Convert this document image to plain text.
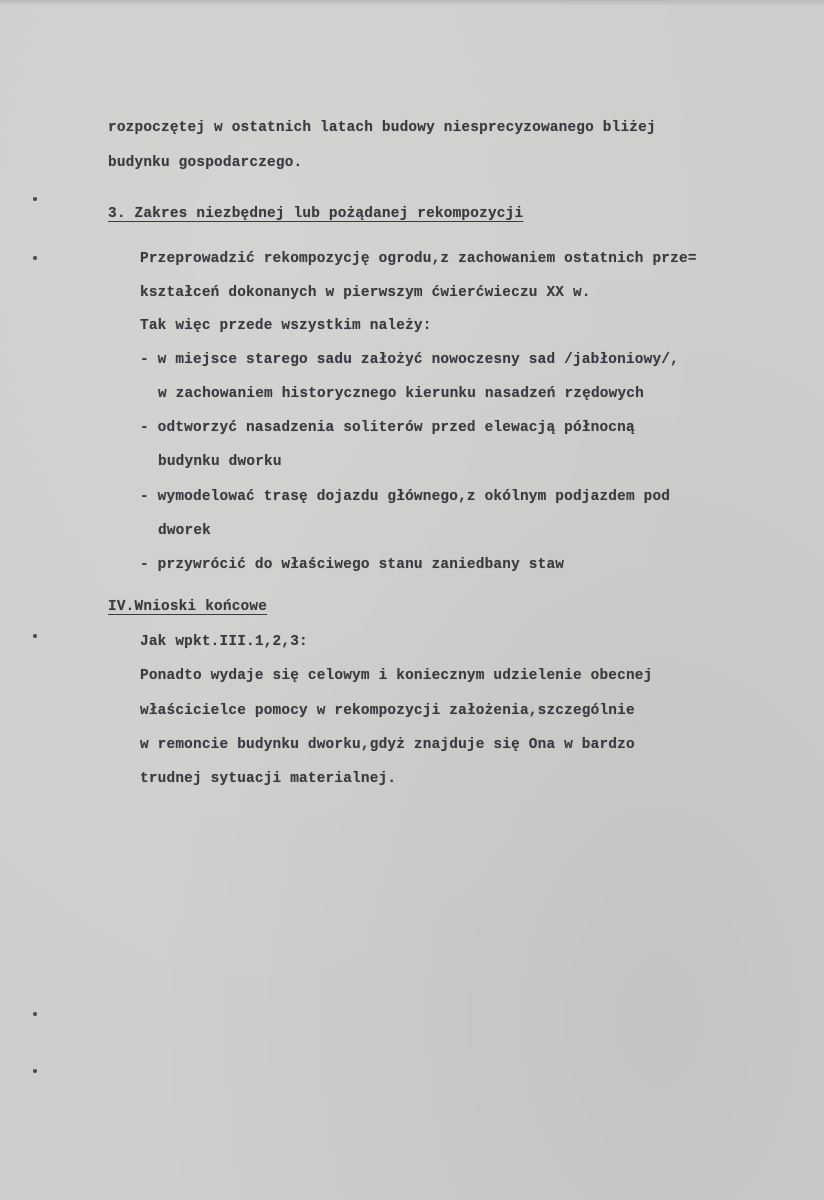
rozpoczętej w ostatnich latach budowy niesprecyzowanego bliżej
budynku gospodarczego.
3. Zakres niezbędnej lub pożądanej rekompozycji
Przeprowadzić rekompozycję ogrodu,z zachowaniem ostatnich prze=
kształceń dokonanych w pierwszym ćwierćwieczu XX w.
Tak więc przede wszystkim należy:
- w miejsce starego sadu założyć nowoczesny sad /jabłoniowy/,
w zachowaniem historycznego kierunku nasadzeń rzędowych
- odtworzyć nasadzenia soliterów przed elewacją północną
budynku dworku
- wymodelować trasę dojazdu głównego,z okólnym podjazdem pod
dworek
- przywrócić do właściwego stanu zaniedbany staw
IV.Wnioski końcowe
Jak wpkt.III.1,2,3:
Ponadto wydaje się celowym i koniecznym udzielenie obecnej
właścicielce pomocy w rekompozycji założenia,szczególnie
w remoncie budynku dworku,gdyż znajduje się Ona w bardzo
trudnej sytuacji materialnej.
